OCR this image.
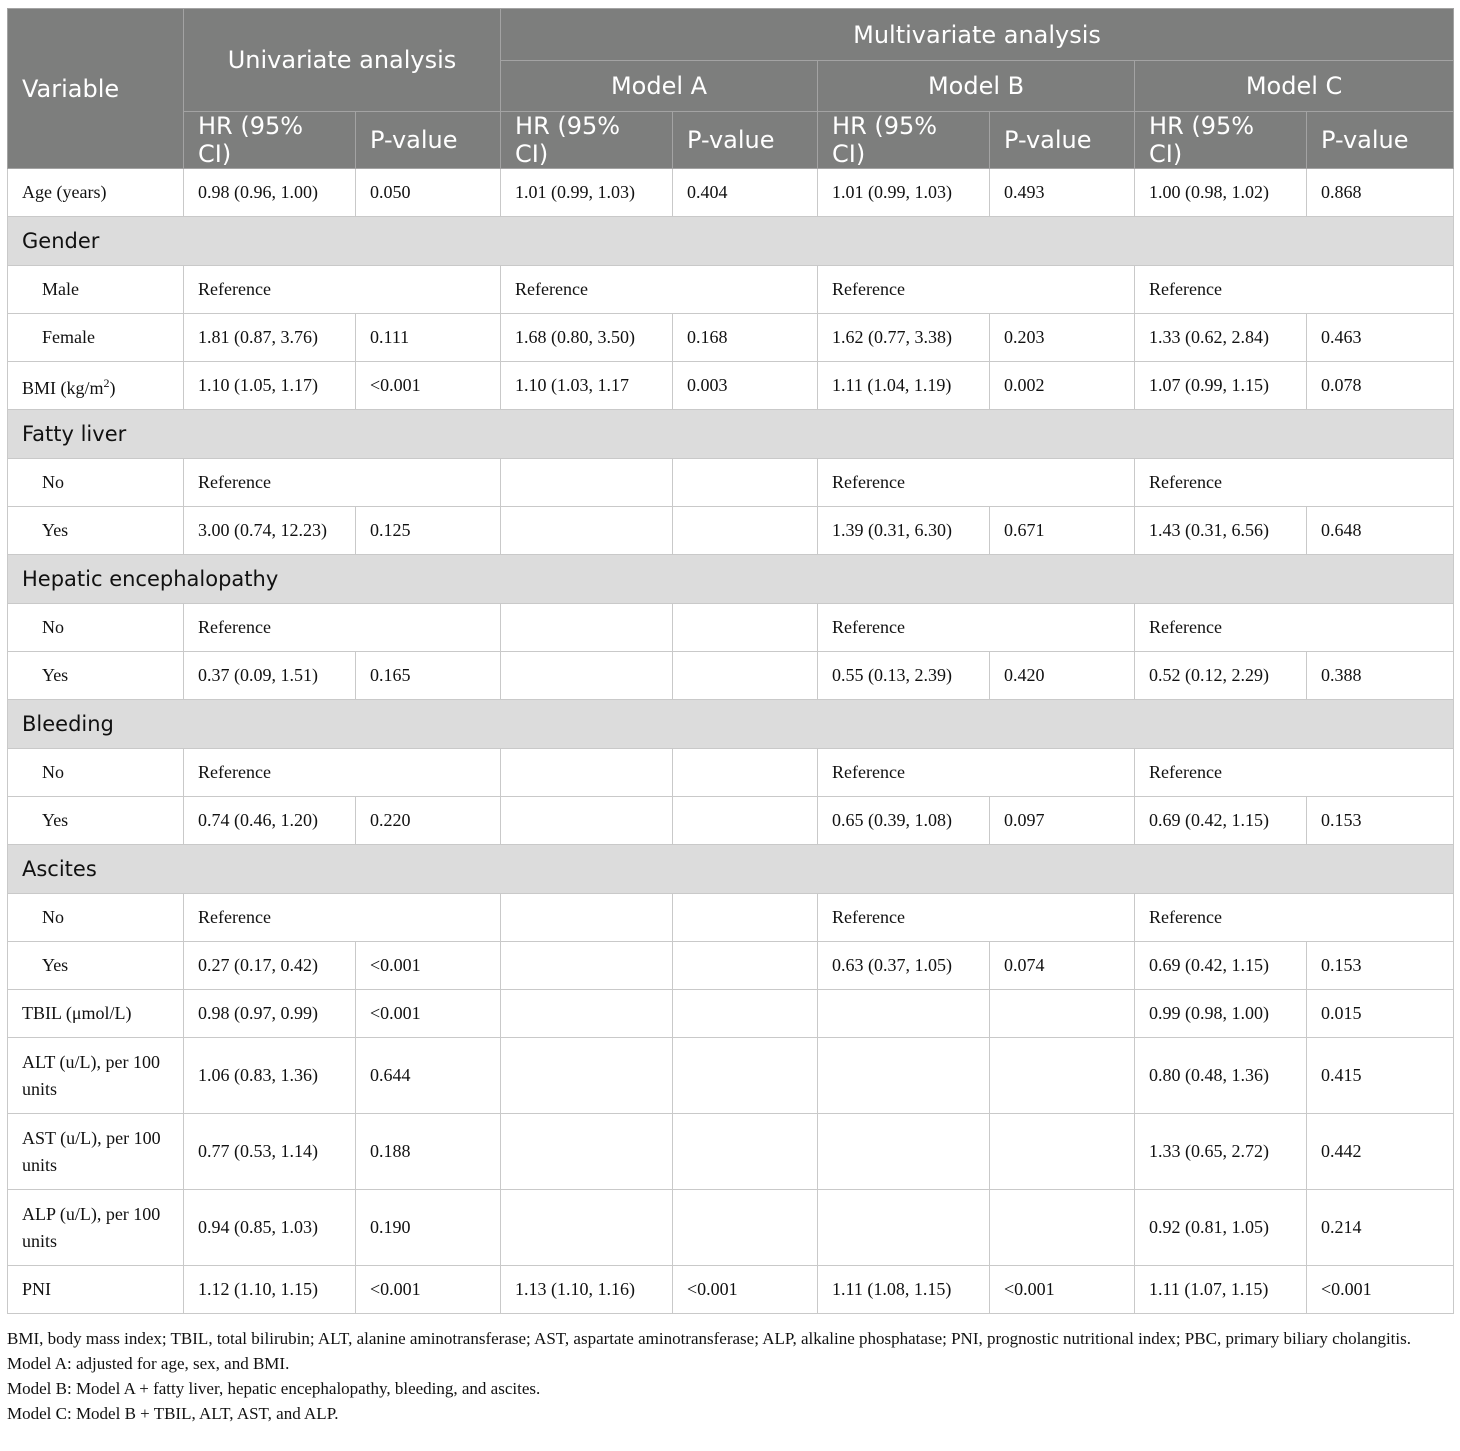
Variable	Univariate analysis		Multivariate analysis					
			Model A		Model B		Model C	
	HR (95% CI)	P-value	HR (95% CI)	P-value	HR (95% CI)	P-value	HR (95% CI)	P-value
Age (years)	0.98 (0.96, 1.00)	0.050	1.01 (0.99, 1.03)	0.404	1.01 (0.99, 1.03)	0.493	1.00 (0.98, 1.02)	0.868
Gender								
Male	Reference		Reference		Reference		Reference	
Female	1.81 (0.87, 3.76)	0.111	1.68 (0.80, 3.50)	0.168	1.62 (0.77, 3.38)	0.203	1.33 (0.62, 2.84)	0.463
BMI $(kg/m^2)$	1.10 (1.05, 1.17)	<0.001	1.10 (1.03, 1.17	0.003	1.11 (1.04, 1.19)	0.002	1.07 (0.99, 1.15)	0.078
Fatty liver								
No	Reference				Reference		Reference	
Yes	3.00 (0.74, 12.23)	0.125			1.39 (0.31, 6.30)	0.671	1.43 (0.31, 6.56)	0.648
Hepatic encephalopathy								
No	Reference				Reference		Reference	
Yes	0.37 (0.09, 1.51)	0.165			0.55 (0.13, 2.39)	0.420	0.52 (0.12, 2.29)	0.388
Bleeding								
No	Reference				Reference		Reference	
Yes	0.74 (0.46, 1.20)	0.220			0.65 (0.39, 1.08)	0.097	0.69 (0.42, 1.15)	0.153
Ascites								
No	Reference				Reference		Reference	
Yes	0.27 (0.17, 0.42)	<0.001			0.63 (0.37, 1.05)	0.074	0.69 (0.42, 1.15)	0.153
TBIL (μmol/L)	0.98 (0.97, 0.99)	<0.001					0.99 (0.98, 1.00)	0.015
ALT (u/L), per 100 units	1.06 (0.83, 1.36)	0.644					0.80 (0.48, 1.36)	0.415
AST (u/L), per 100 units	0.77 (0.53, 1.14)	0.188					1.33 (0.65, 2.72)	0.442
ALP (u/L), per 100 units	0.94 (0.85, 1.03)	0.190					0.92 (0.81, 1.05)	0.214
PNI	1.12 (1.10, 1.15)	<0.001	1.13 (1.10, 1.16)	<0.001	1.11 (1.08, 1.15)	<0.001	1.11 (1.07, 1.15)	<0.001
BMI, body mass index; TBIL, total bilirubin; ALT, alanine aminotransferase; AST, aspartate aminotransferase; ALP, alkaline phosphatase; PNI, prognostic nutritional index; PBC, primary biliary cholangitis.
Model A: adjusted for age, sex, and BMI.
Model B: Model A + fatty liver, hepatic encephalopathy, bleeding, and ascites.
Model C: Model B + TBIL, ALT, AST, and ALP.
